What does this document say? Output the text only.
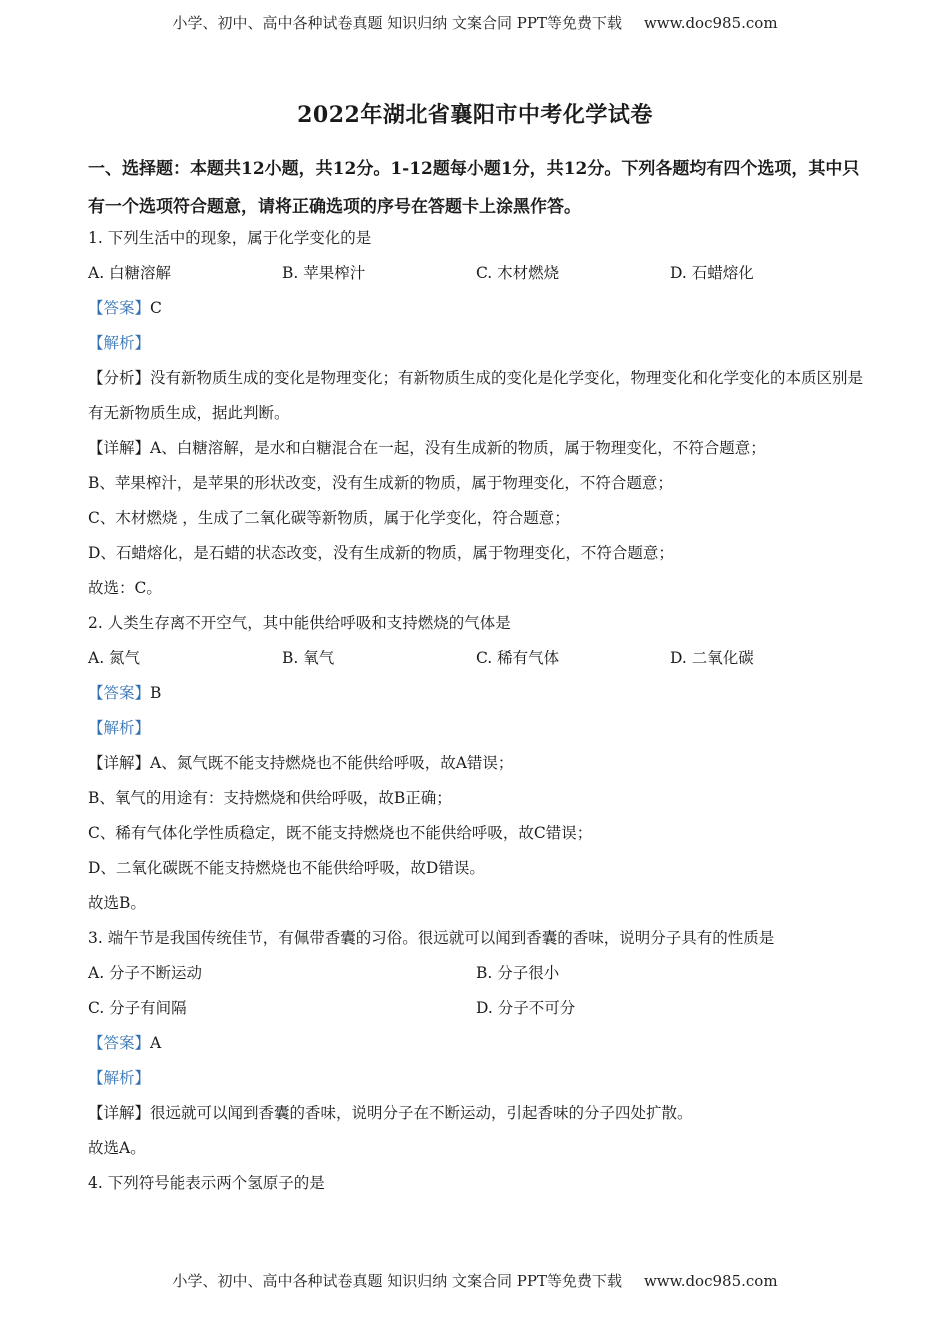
小学、初中、高中各种试卷真题 知识归纳 文案合同 PPT等免费下载 www.doc985.com
2022年湖北省襄阳市中考化学试卷
一、选择题：本题共12小题，共12分。1-12题每小题1分，共12分。下列各题均有四个选项，其中只有一个选项符合题意，请将正确选项的序号在答题卡上涂黑作答。
1. 下列生活中的现象，属于化学变化的是
A. 白糖溶解	B. 苹果榨汁	C. 木材燃烧	D. 石蜡熔化
【答案】C
【解析】
【分析】没有新物质生成的变化是物理变化；有新物质生成的变化是化学变化，物理变化和化学变化的本质区别是有无新物质生成，据此判断。
【详解】A、白糖溶解，是水和白糖混合在一起，没有生成新的物质，属于物理变化，不符合题意；
B、苹果榨汁，是苹果的形状改变，没有生成新的物质，属于物理变化，不符合题意；
C、木材燃烧 ，生成了二氧化碳等新物质，属于化学变化，符合题意；
D、石蜡熔化，是石蜡的状态改变，没有生成新的物质，属于物理变化，不符合题意；
故选：C。
2. 人类生存离不开空气，其中能供给呼吸和支持燃烧的气体是
A. 氮气	B. 氧气	C. 稀有气体	D. 二氧化碳
【答案】B
【解析】
【详解】A、氮气既不能支持燃烧也不能供给呼吸，故A错误；
B、氧气的用途有：支持燃烧和供给呼吸，故B正确；
C、稀有气体化学性质稳定，既不能支持燃烧也不能供给呼吸，故C错误；
D、二氧化碳既不能支持燃烧也不能供给呼吸，故D错误。
故选B。
3. 端午节是我国传统佳节，有佩带香囊的习俗。很远就可以闻到香囊的香味，说明分子具有的性质是
A. 分子不断运动	B. 分子很小
C. 分子有间隔	D. 分子不可分
【答案】A
【解析】
【详解】很远就可以闻到香囊的香味，说明分子在不断运动，引起香味的分子四处扩散。
故选A。
4. 下列符号能表示两个氢原子的是
小学、初中、高中各种试卷真题 知识归纳 文案合同 PPT等免费下载 www.doc985.com
